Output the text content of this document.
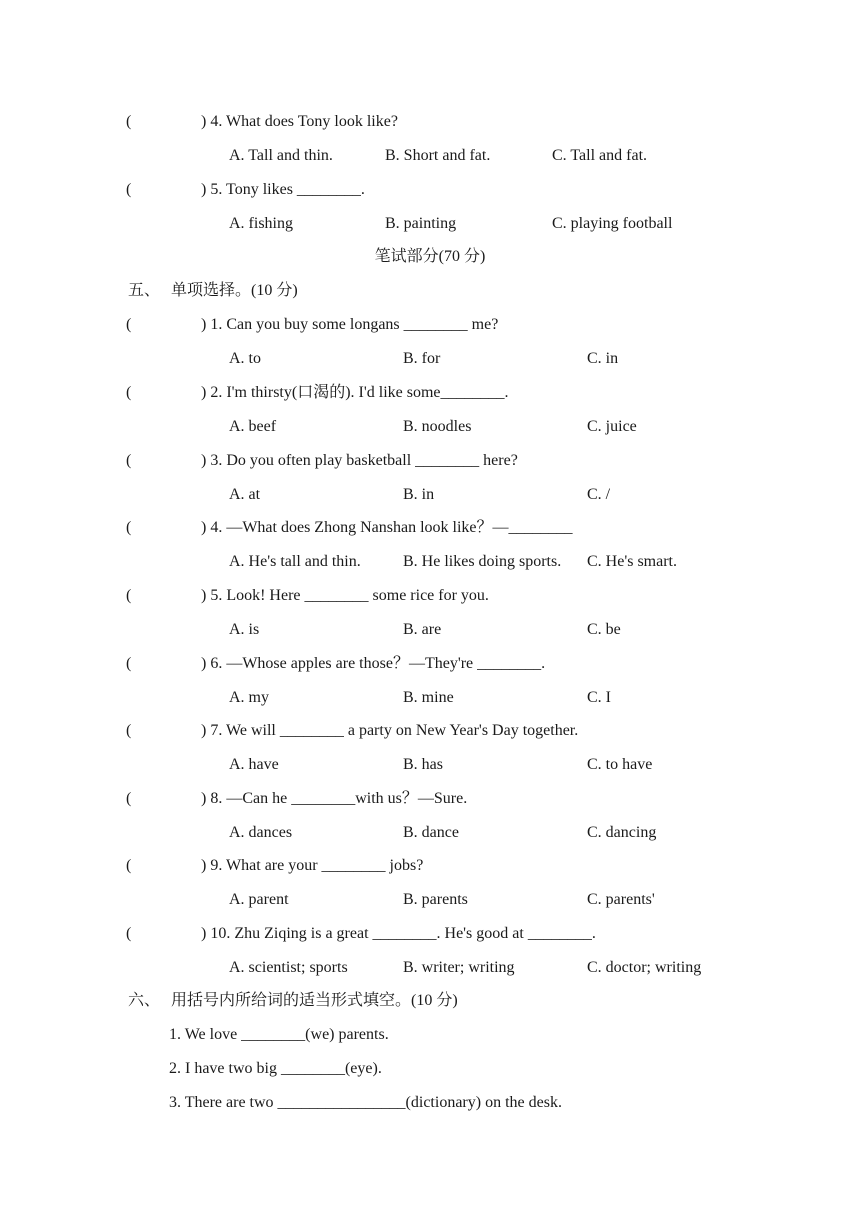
(	) 4. What does Tony look like?
A. Tall and thin.	B. Short and fat.	C. Tall and fat.
(	) 5. Tony likes ________.
A. fishing	B. painting	C. playing football
笔试部分(70 分)
五、 单项选择。(10 分)
(	) 1. Can you buy some longans ________ me?
A. to	B. for	C. in
(	) 2. I'm thirsty(口渴的). I'd like some________.
A. beef	B. noodles	C. juice
(	) 3. Do you often play basketball ________ here?
A. at	B. in	C. /
(	) 4. —What does Zhong Nanshan look like？—________
A. He's tall and thin.	B. He likes doing sports. C. He's smart.
(	) 5. Look! Here ________ some rice for you.
A. is	B. are	C. be
(	) 6. —Whose apples are those？—They're ________.
A. my	B. mine	C. I
(	) 7. We will ________ a party on New Year's Day together.
A. have	B. has	C. to have
(	) 8. —Can he ________with us？—Sure.
A. dances	B. dance	C. dancing
(	) 9. What are your ________ jobs?
A. parent	B. parents	C. parents'
(	) 10. Zhu Ziqing is a great ________. He's good at ________.
A. scientist; sports	B. writer; writing	C. doctor; writing
六、 用括号内所给词的适当形式填空。(10 分)
1. We love ________(we) parents.
2. I have two big ________(eye).
3. There are two ________________(dictionary) on the desk.
